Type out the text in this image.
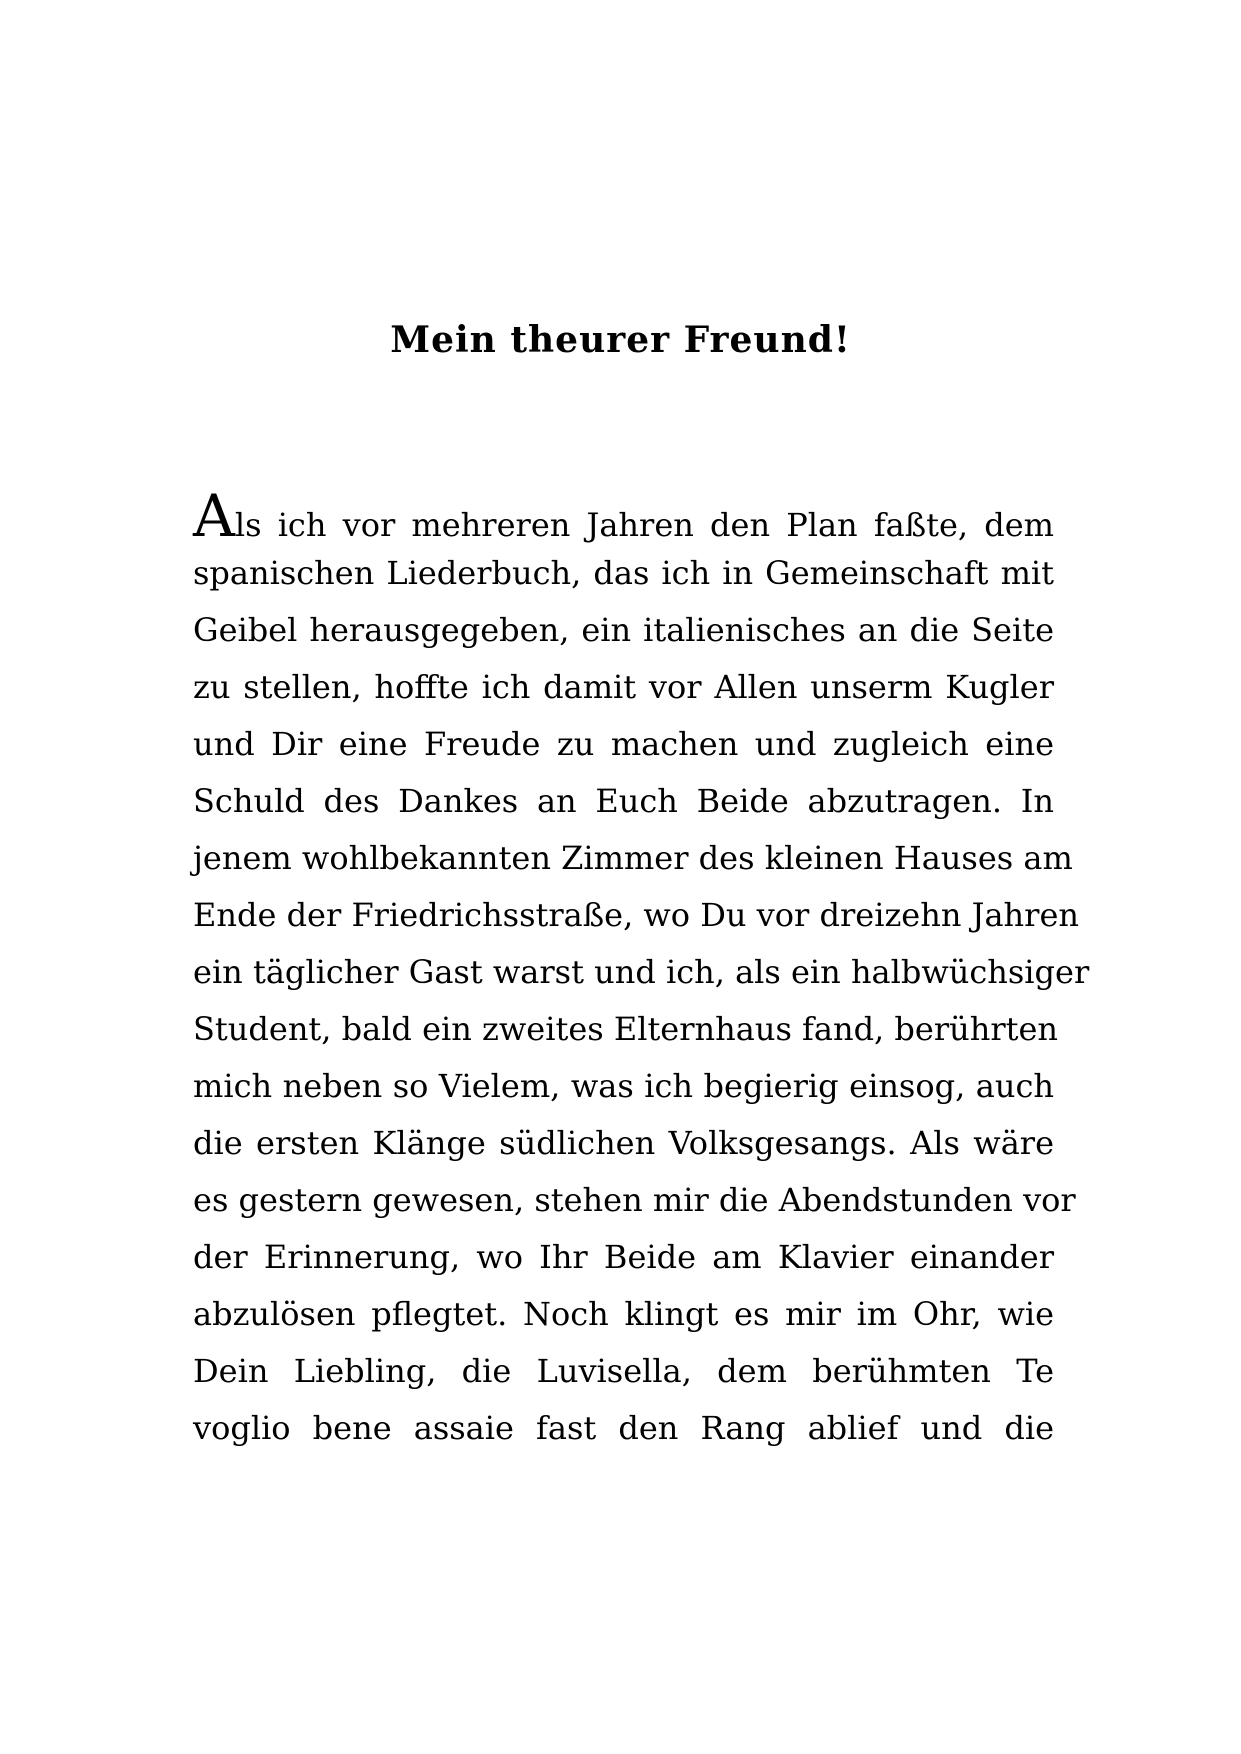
Mein theurer Freund!
Als ich vor mehreren Jahren den Plan faßte, dem
spanischen Liederbuch, das ich in Gemeinschaft mit
Geibel herausgegeben, ein italienisches an die Seite
zu stellen, hoffte ich damit vor Allen unserm Kugler
und Dir eine Freude zu machen und zugleich eine
Schuld des Dankes an Euch Beide abzutragen. In
jenem wohlbekannten Zimmer des kleinen Hauses am
Ende der Friedrichsstraße, wo Du vor dreizehn Jahren
ein täglicher Gast warst und ich, als ein halbwüchsiger
Student, bald ein zweites Elternhaus fand, berührten
mich neben so Vielem, was ich begierig einsog, auch
die ersten Klänge südlichen Volksgesangs. Als wäre
es gestern gewesen, stehen mir die Abendstunden vor
der Erinnerung, wo Ihr Beide am Klavier einander
abzulösen pflegtet. Noch klingt es mir im Ohr, wie
Dein Liebling, die Luvisella, dem berühmten Te
voglio bene assaie fast den Rang ablief und die
